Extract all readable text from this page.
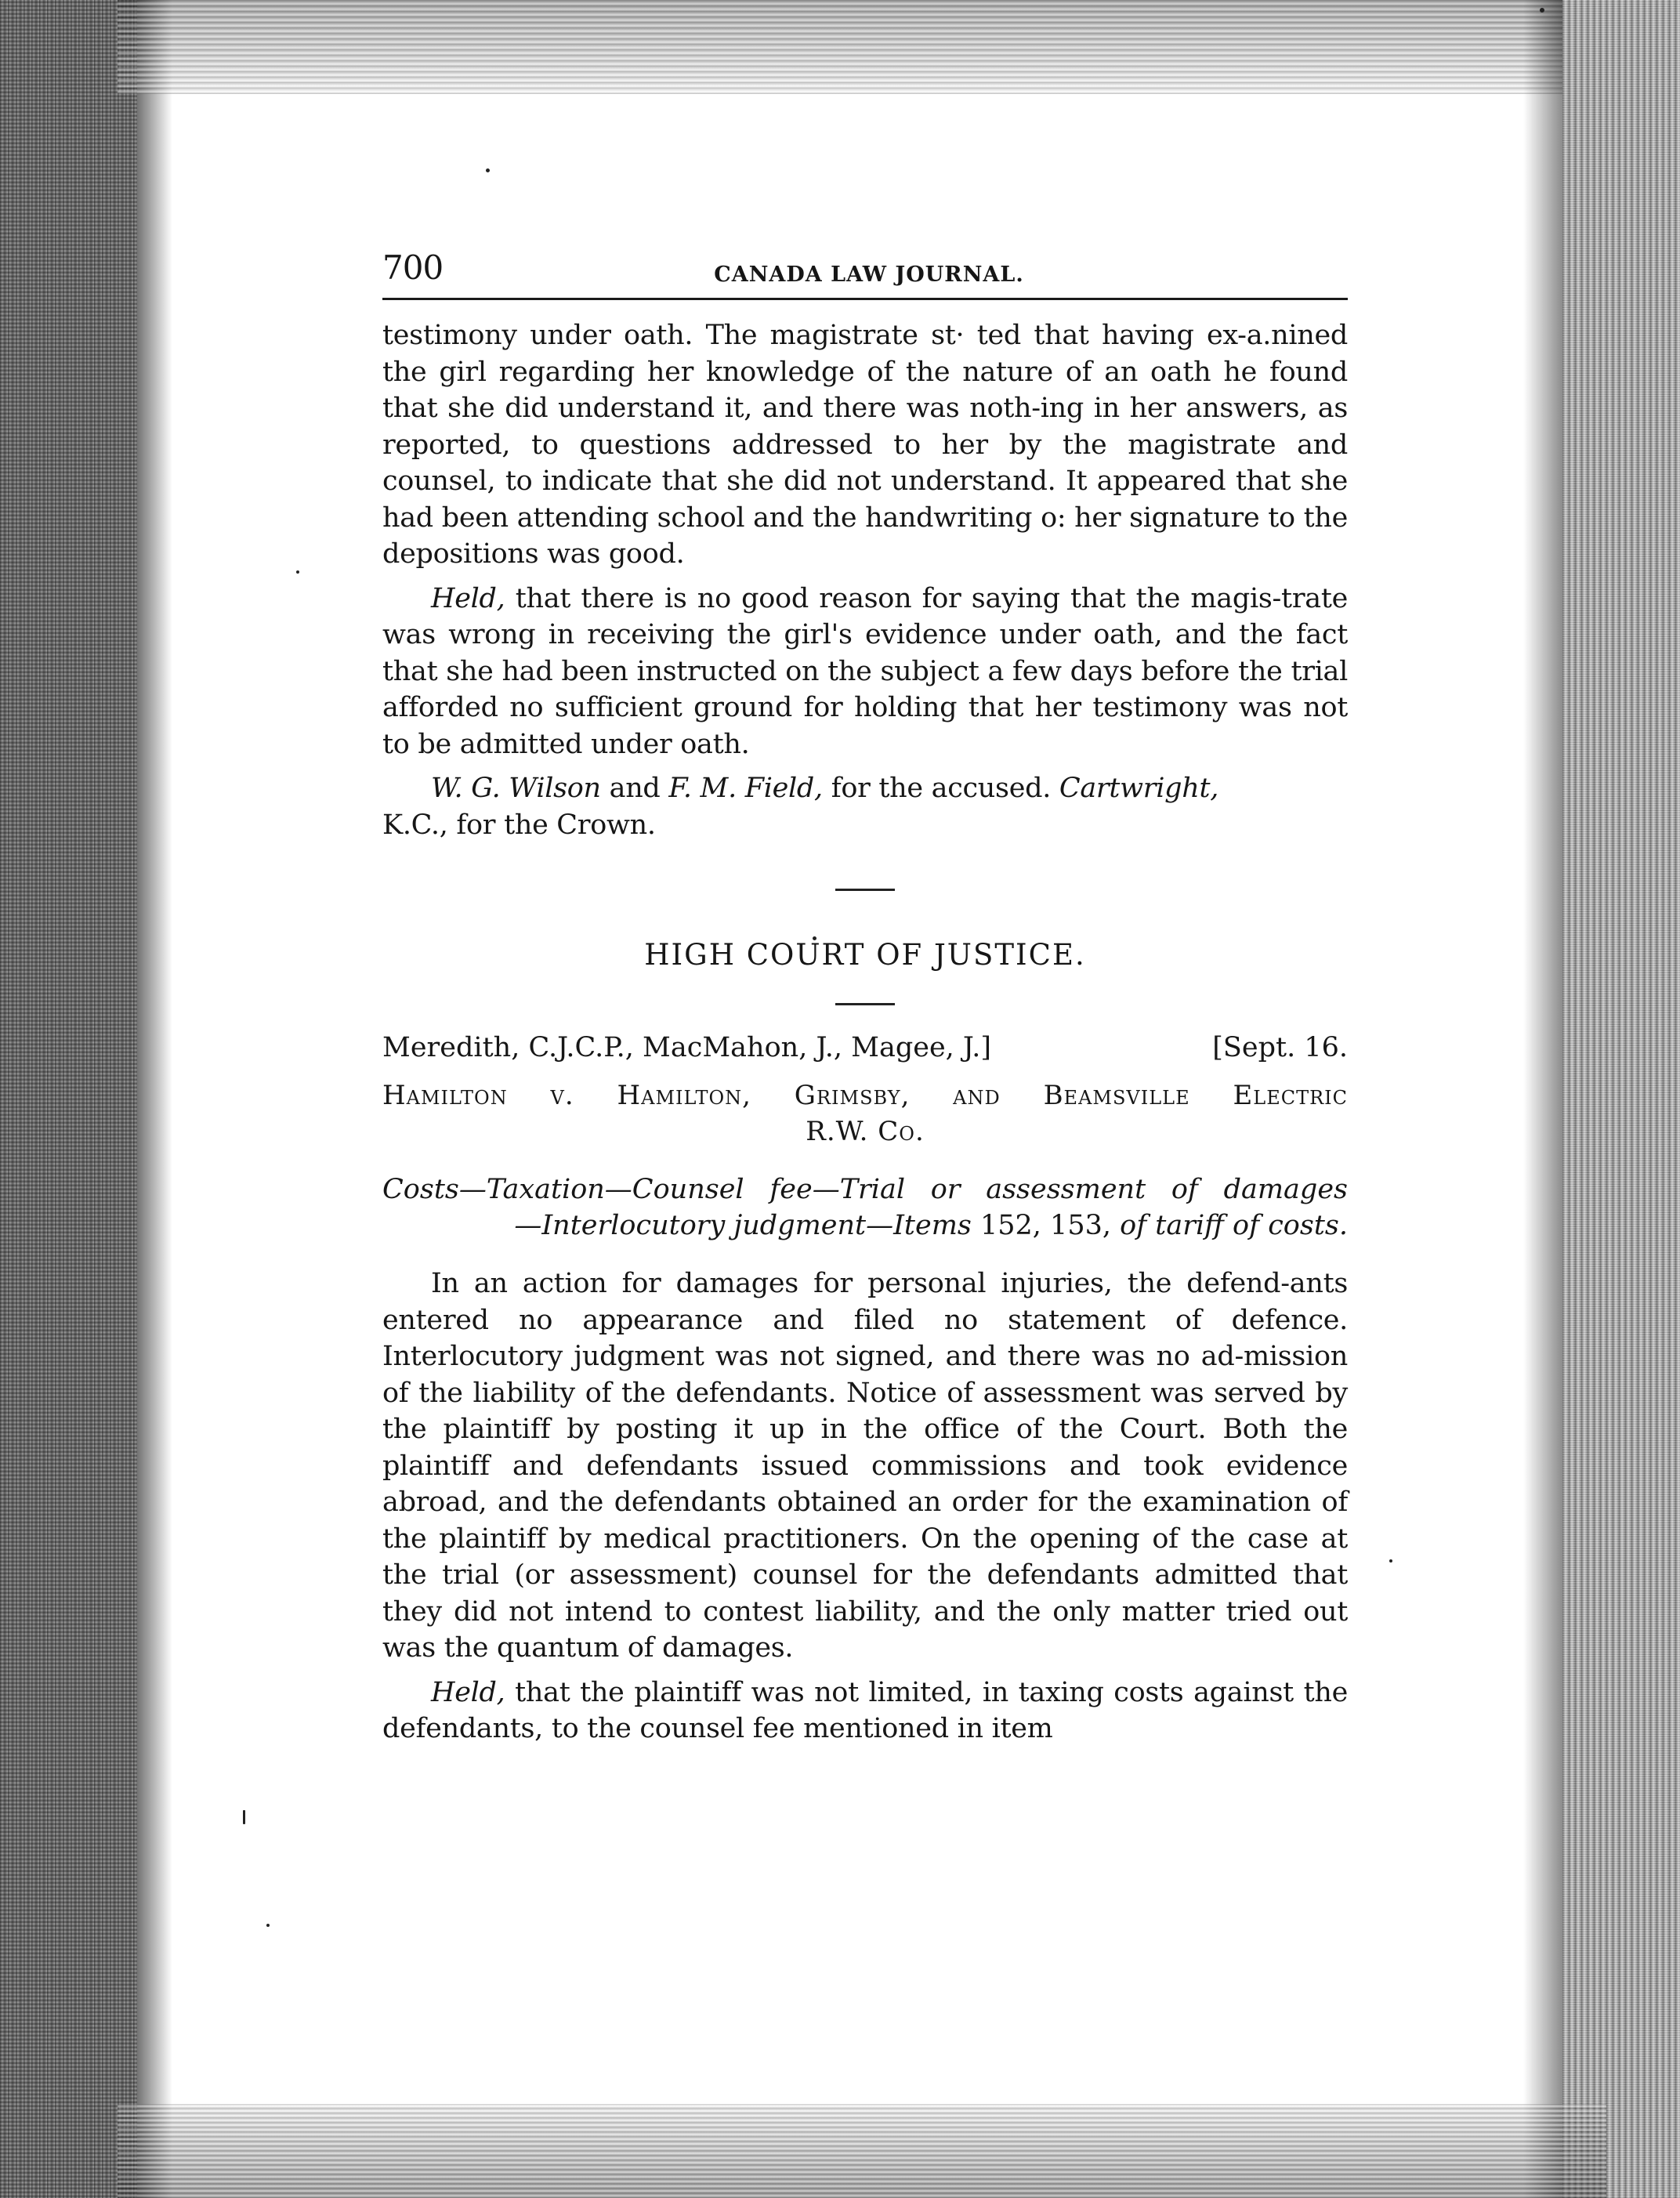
700	CANADA LAW JOURNAL.

testimony under oath. The magistrate st· ted that having ex-a.nined the girl regarding her knowledge of the nature of an oath he found that she did understand it, and there was noth-ing in her answers, as reported, to questions addressed to her by the magistrate and counsel, to indicate that she did not understand. It appeared that she had been attending school and the handwriting o: her signature to the depositions was good.

Held, that there is no good reason for saying that the magis-trate was wrong in receiving the girl's evidence under oath, and the fact that she had been instructed on the subject a few days before the trial afforded no sufficient ground for holding that her testimony was not to be admitted under oath.

W. G. Wilson and F. M. Field, for the accused. Cartwright,
K.C., for the Crown.

HIGH COURT OF JUSTICE.

Meredith, C.J.C.P., MacMahon, J., Magee, J.]	[Sept. 16.

Hamilton v. Hamilton, Grimsby, and Beamsville Electric
R.W. Co.

Costs—Taxation—Counsel fee—Trial or assessment of damages
—Interlocutory judgment—Items 152, 153, of tariff of costs.

In an action for damages for personal injuries, the defend-ants entered no appearance and filed no statement of defence. Interlocutory judgment was not signed, and there was no ad-mission of the liability of the defendants. Notice of assessment was served by the plaintiff by posting it up in the office of the Court. Both the plaintiff and defendants issued commissions and took evidence abroad, and the defendants obtained an order for the examination of the plaintiff by medical practitioners. On the opening of the case at the trial (or assessment) counsel for the defendants admitted that they did not intend to contest liability, and the only matter tried out was the quantum of damages.

Held, that the plaintiff was not limited, in taxing costs against the defendants, to the counsel fee mentioned in item
